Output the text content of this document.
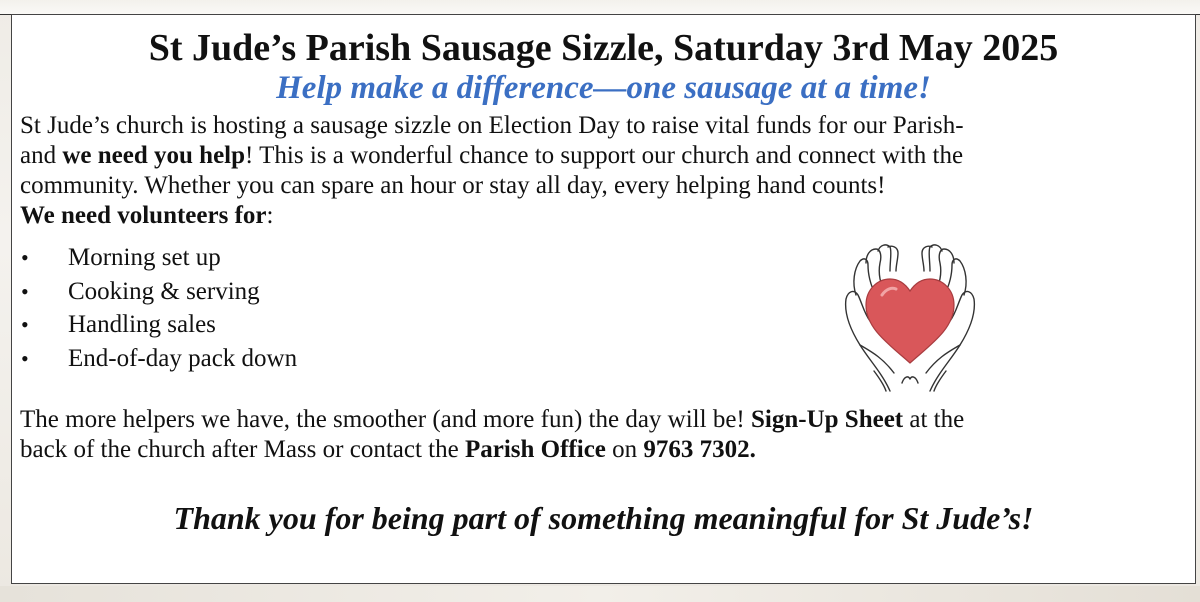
St Jude’s Parish Sausage Sizzle, Saturday 3rd May 2025
Help make a difference—one sausage at a time!
St Jude’s church is hosting a sausage sizzle on Election Day to raise vital funds for our Parish-
and we need you help! This is a wonderful chance to support our church and connect with the
community. Whether you can spare an hour or stay all day, every helping hand counts!
We need volunteers for:
• Morning set up
• Cooking & serving
• Handling sales
• End-of-day pack down
The more helpers we have, the smoother (and more fun) the day will be! Sign-Up Sheet at the
back of the church after Mass or contact the Parish Office on 9763 7302.
Thank you for being part of something meaningful for St Jude’s!
